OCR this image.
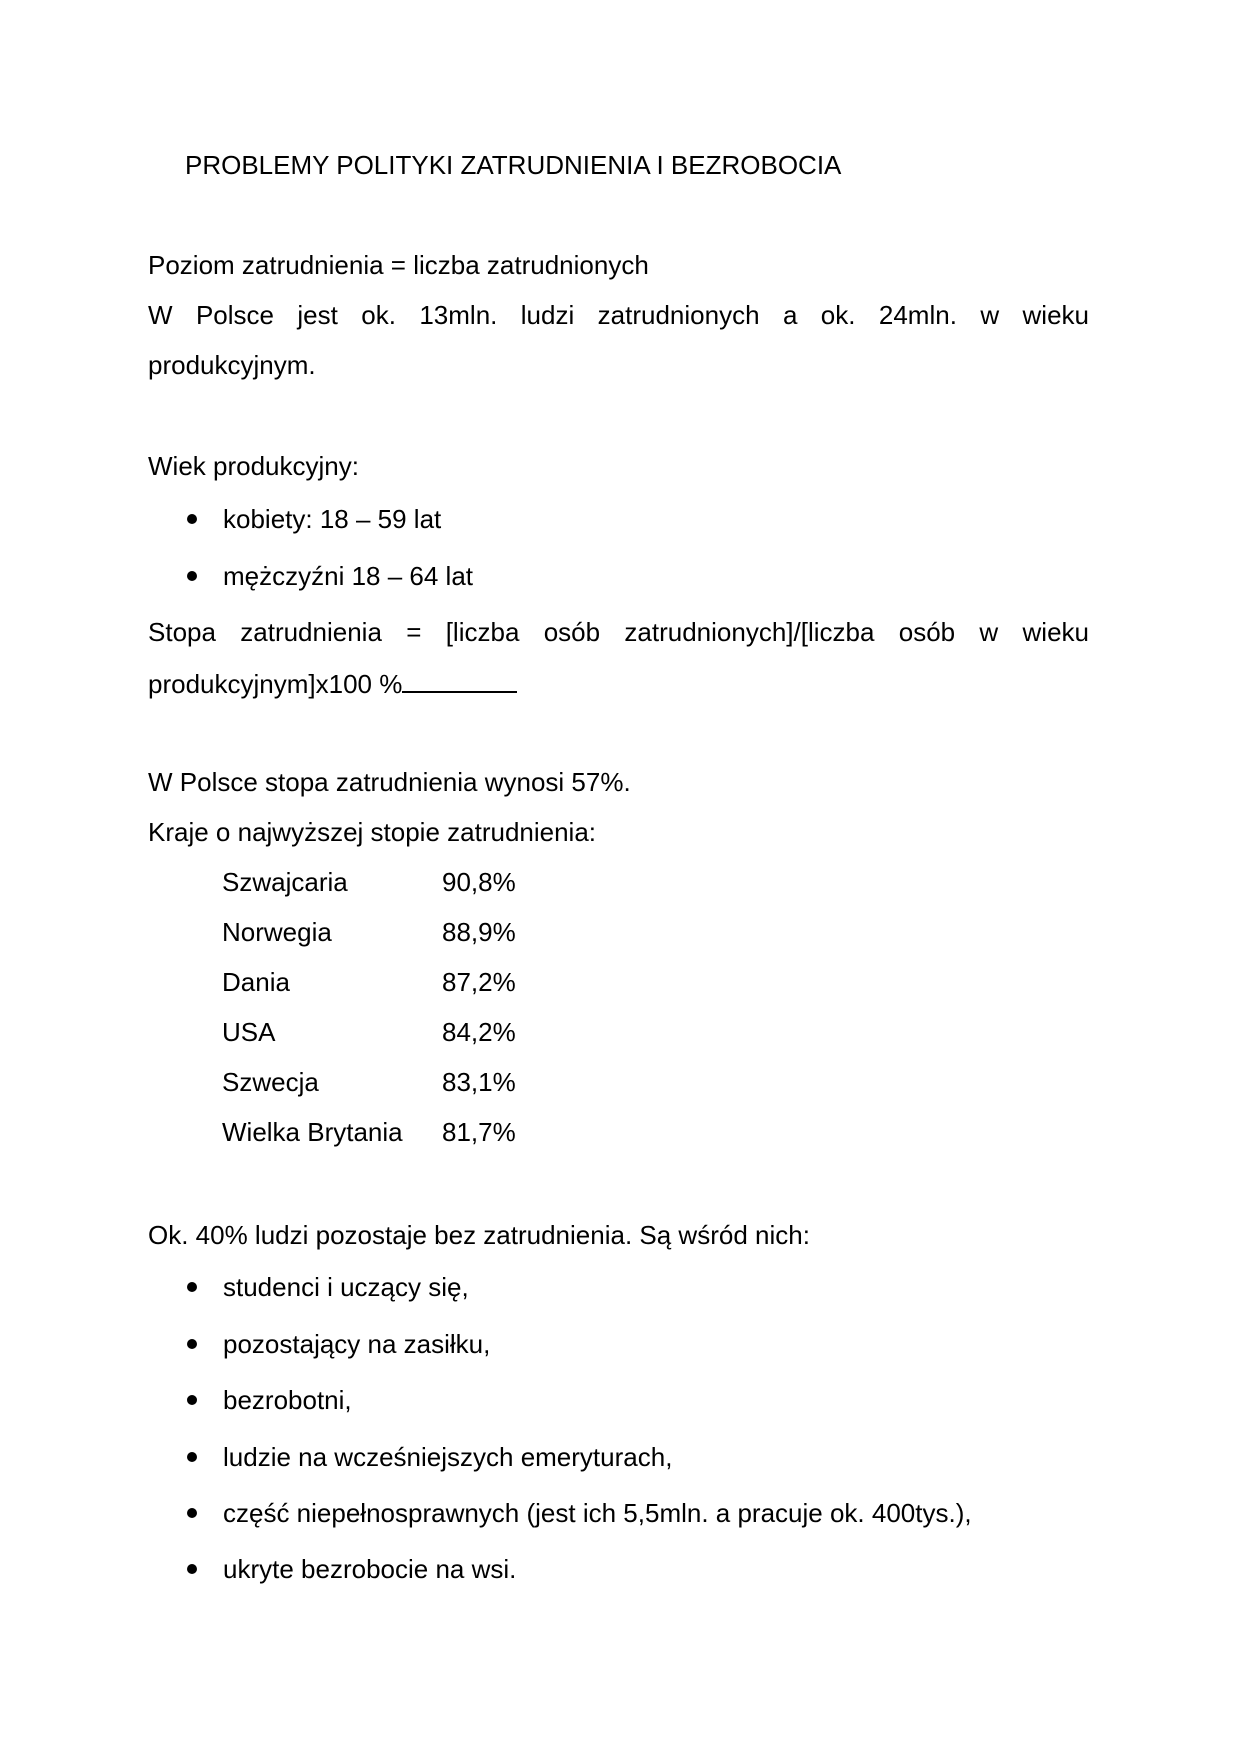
PROBLEMY POLITYKI ZATRUDNIENIA I BEZROBOCIA
Poziom zatrudnienia = liczba zatrudnionych
W Polsce jest ok. 13mln. ludzi zatrudnionych a ok. 24mln. w wieku
produkcyjnym.
Wiek produkcyjny:
kobiety: 18 – 59 lat
mężczyźni 18 – 64 lat
Stopa zatrudnienia = [liczba osób zatrudnionych]/[liczba osób w wieku
produkcyjnym]x100 %
W Polsce stopa zatrudnienia wynosi 57%.
Kraje o najwyższej stopie zatrudnienia:
Szwajcaria	90,8%
Norwegia	88,9%
Dania	87,2%
USA	84,2%
Szwecja	83,1%
Wielka Brytania 81,7%
Ok. 40% ludzi pozostaje bez zatrudnienia. Są wśród nich:
studenci i uczący się,
pozostający na zasiłku,
bezrobotni,
ludzie na wcześniejszych emeryturach,
część niepełnosprawnych (jest ich 5,5mln. a pracuje ok. 400tys.),
ukryte bezrobocie na wsi.
